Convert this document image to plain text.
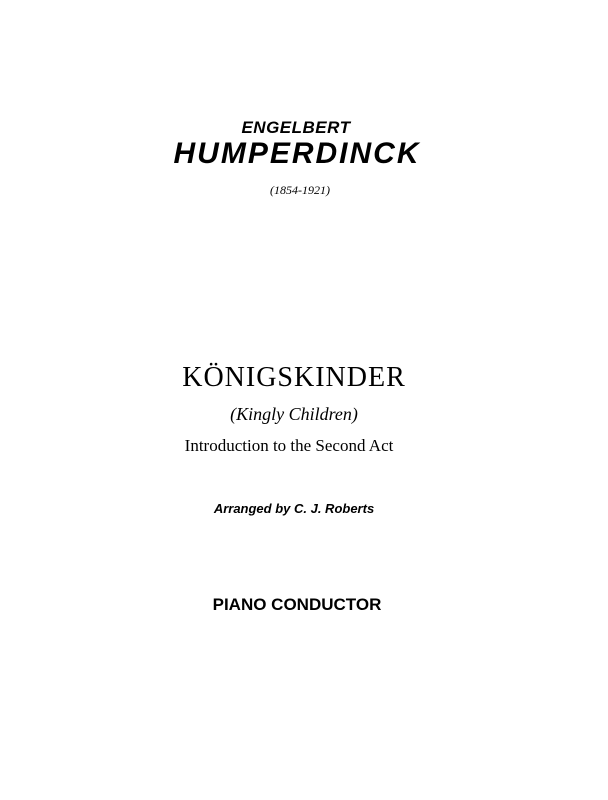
ENGELBERT
HUMPERDINCK
(1854-1921)
KÖNIGSKINDER
(Kingly Children)
Introduction to the Second Act
Arranged by C. J. Roberts
PIANO CONDUCTOR
